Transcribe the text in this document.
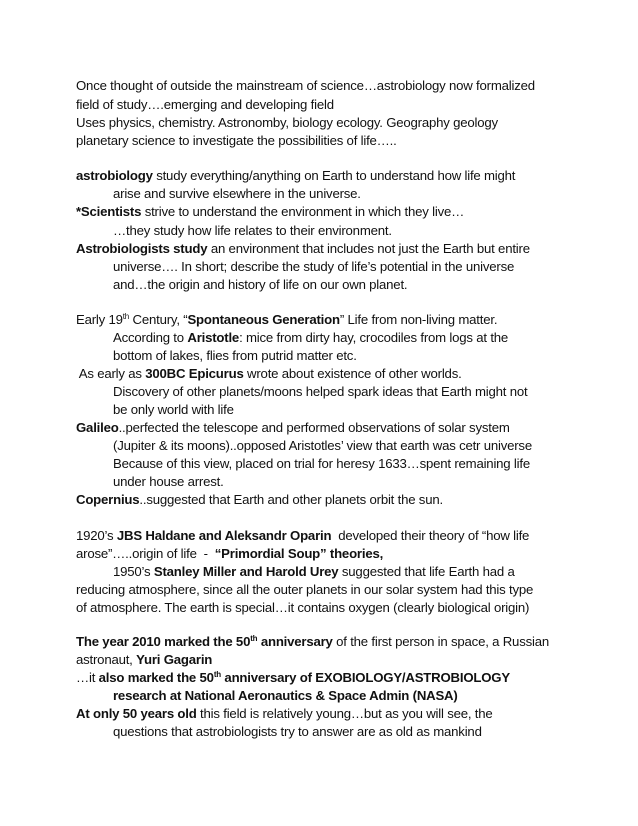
Once thought of outside the mainstream of science…astrobiology now formalized
field of study….emerging and developing field
Uses physics, chemistry. Astronomby, biology ecology. Geography geology
planetary science to investigate the possibilities of life…..
astrobiology study everything/anything on Earth to understand how life might
arise and survive elsewhere in the universe.
*Scientists strive to understand the environment in which they live…
…they study how life relates to their environment.
Astrobiologists study an environment that includes not just the Earth but entire
universe…. In short; describe the study of life’s potential in the universe
and…the origin and history of life on our own planet.
Early 19th Century, “Spontaneous Generation” Life from non-living matter.
According to Aristotle: mice from dirty hay, crocodiles from logs at the
bottom of lakes, flies from putrid matter etc.
As early as 300BC Epicurus wrote about existence of other worlds.
Discovery of other planets/moons helped spark ideas that Earth might not
be only world with life
Galileo..perfected the telescope and performed observations of solar system
(Jupiter & its moons)..opposed Aristotles’ view that earth was cetr universe
Because of this view, placed on trial for heresy 1633…spent remaining life
under house arrest.
Copernius..suggested that Earth and other planets orbit the sun.
1920’s JBS Haldane and Aleksandr Oparin  developed their theory of “how life
arose”…..origin of life  -  “Primordial Soup” theories,
1950’s Stanley Miller and Harold Urey suggested that life Earth had a
reducing atmosphere, since all the outer planets in our solar system had this type
of atmosphere. The earth is special…it contains oxygen (clearly biological origin)
The year 2010 marked the 50th anniversary of the first person in space, a Russian
astronaut, Yuri Gagarin
…it also marked the 50th anniversary of EXOBIOLOGY/ASTROBIOLOGY
research at National Aeronautics & Space Admin (NASA)
At only 50 years old this field is relatively young…but as you will see, the
questions that astrobiologists try to answer are as old as mankind
